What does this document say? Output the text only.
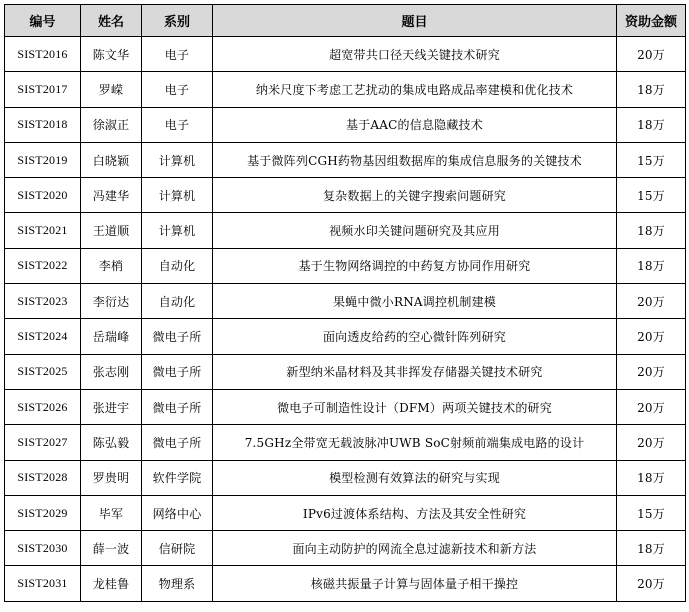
编号	姓名	系别	题目	资助金额
SIST2016	陈文华	电子	超宽带共口径天线关键技术研究	20万
SIST2017	罗嵘	电子	纳米尺度下考虑工艺扰动的集成电路成品率建模和优化技术	18万
SIST2018	徐淑正	电子	基于AAC的信息隐藏技术	18万
SIST2019	白晓颖	计算机	基于微阵列CGH药物基因组数据库的集成信息服务的关键技术	15万
SIST2020	冯建华	计算机	复杂数据上的关键字搜索问题研究	15万
SIST2021	王道顺	计算机	视频水印关键问题研究及其应用	18万
SIST2022	李梢	自动化	基于生物网络调控的中药复方协同作用研究	18万
SIST2023	李衍达	自动化	果蝇中微小RNA调控机制建模	20万
SIST2024	岳瑞峰	微电子所	面向透皮给药的空心微针阵列研究	20万
SIST2025	张志刚	微电子所	新型纳米晶材料及其非挥发存储器关键技术研究	20万
SIST2026	张进宇	微电子所	微电子可制造性设计（DFM）两项关键技术的研究	20万
SIST2027	陈弘毅	微电子所	7.5GHz全带宽无载波脉冲UWB SoC射频前端集成电路的设计	20万
SIST2028	罗贵明	软件学院	模型检测有效算法的研究与实现	18万
SIST2029	毕军	网络中心	IPv6过渡体系结构、方法及其安全性研究	15万
SIST2030	薛一波	信研院	面向主动防护的网流全息过滤新技术和新方法	18万
SIST2031	龙桂鲁	物理系	核磁共振量子计算与固体量子相干操控	20万
